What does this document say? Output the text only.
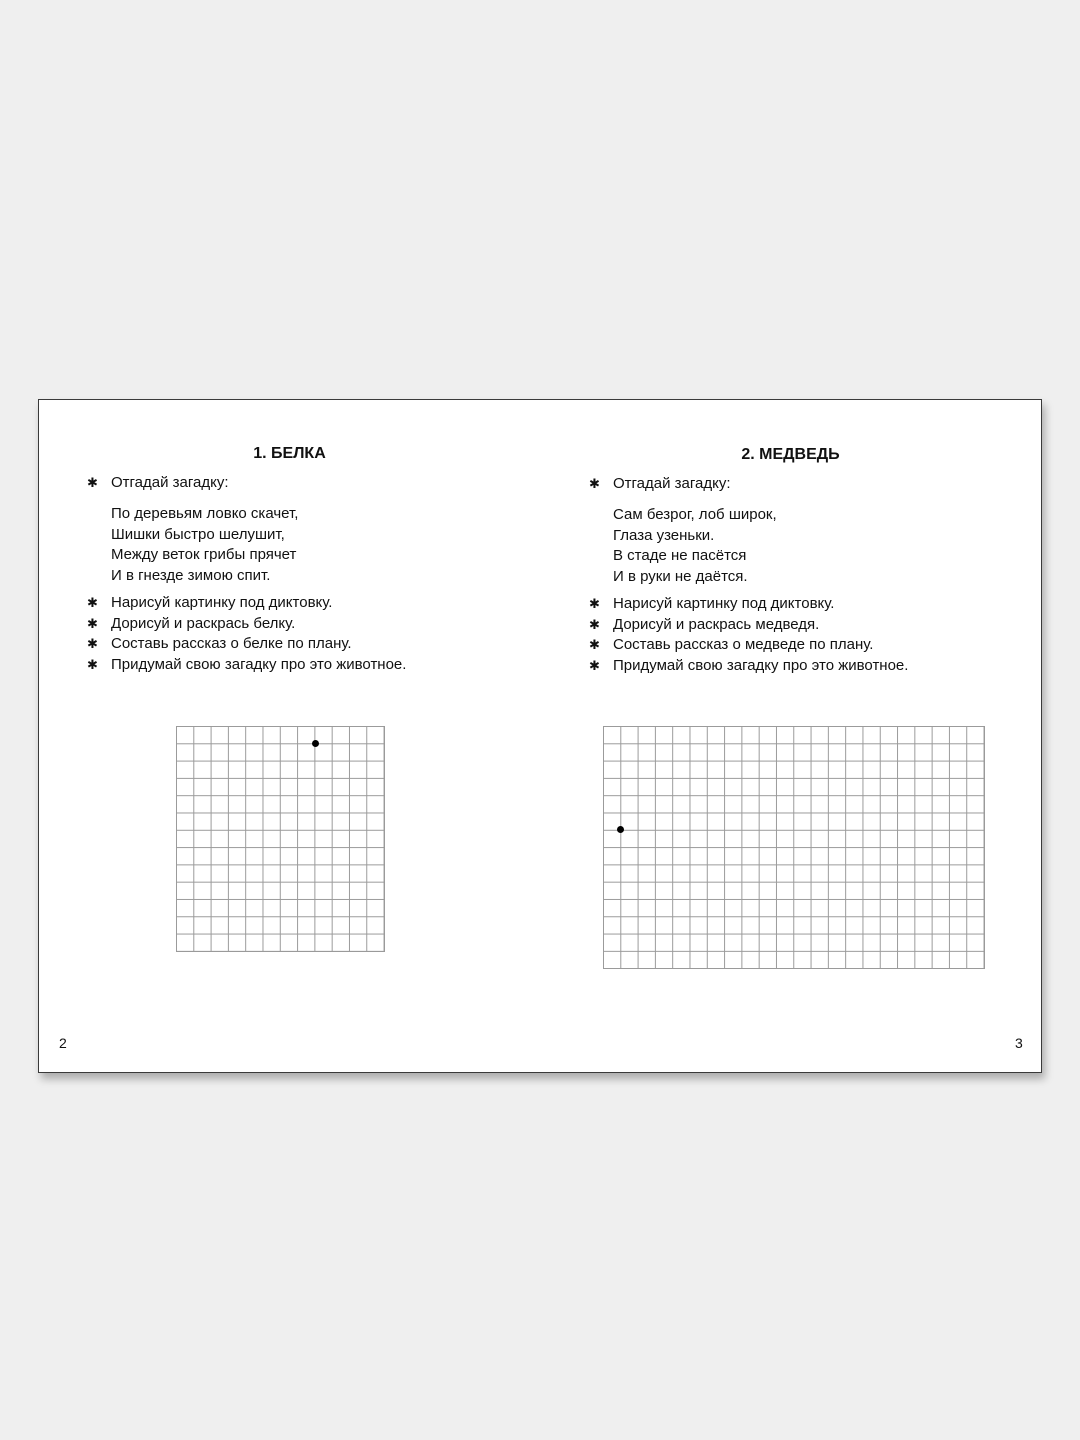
1. БЕЛКА
✱ Отгадай загадку:
По деревьям ловко скачет,
Шишки быстро шелушит,
Между веток грибы прячет
И в гнезде зимою спит.
✱ Нарисуй картинку под диктовку.
✱ Дорисуй и раскрась белку.
✱ Составь рассказ о белке по плану.
✱ Придумай свою загадку про это животное.
2
2. МЕДВЕДЬ
✱ Отгадай загадку:
Сам безрог, лоб широк,
Глаза узеньки.
В стаде не пасётся
И в руки не даётся.
✱ Нарисуй картинку под диктовку.
✱ Дорисуй и раскрась медведя.
✱ Составь рассказ о медведе по плану.
✱ Придумай свою загадку про это животное.
3
